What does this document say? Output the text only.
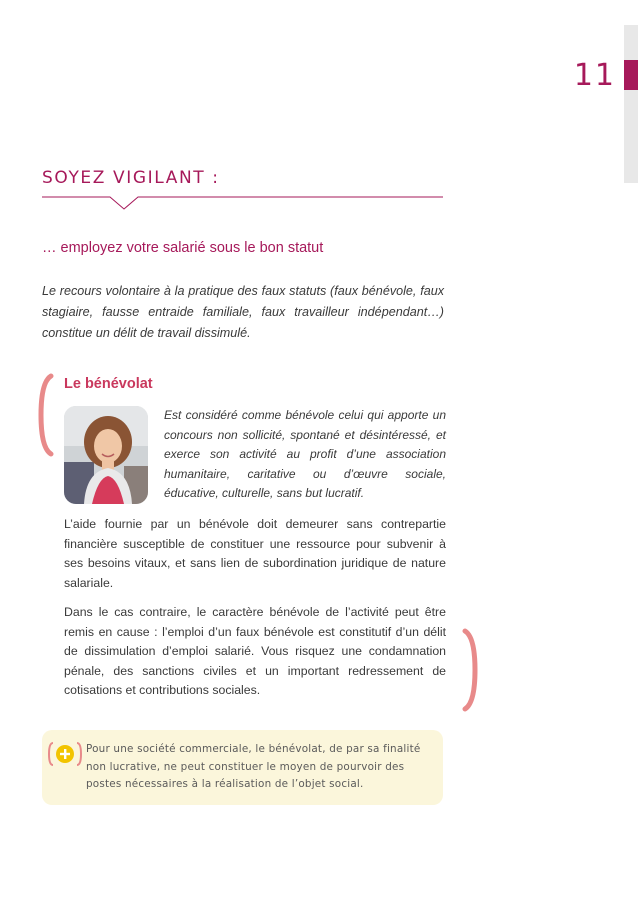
11
SOYEZ VIGILANT :
… employez votre salarié sous le bon statut
Le recours volontaire à la pratique des faux statuts (faux bénévole, faux stagiaire, fausse entraide familiale, faux travailleur indépendant…) constitue un délit de travail dissimulé.
Le bénévolat
Est considéré comme bénévole celui qui apporte un concours non sollicité, spontané et désintéressé, et exerce son activité au profit d’une association humanitaire, caritative ou d’œuvre sociale, éducative, culturelle, sans but lucratif.
L’aide fournie par un bénévole doit demeurer sans contrepartie financière susceptible de constituer une ressource pour subvenir à ses besoins vitaux, et sans lien de subordination juridique de nature salariale.
Dans le cas contraire, le caractère bénévole de l’activité peut être remis en cause : l’emploi d’un faux bénévole est constitutif d’un délit de dissimulation d’emploi salarié. Vous risquez une condamnation pénale, des sanctions civiles et un important redressement de cotisations et contributions sociales.
Pour une société commerciale, le bénévolat, de par sa finalité non lucrative, ne peut constituer le moyen de pourvoir des postes nécessaires à la réalisation de l’objet social.
